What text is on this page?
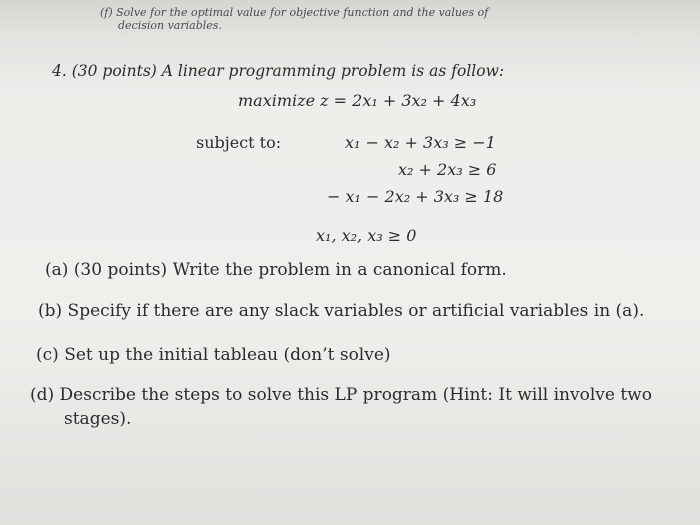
(f) Solve for the optimal value for objective function and the values of
decision variables.
4. (30 points) A linear programming problem is as follow:
maximize z = 2x₁ + 3x₂ + 4x₃
subject to:	x₁ − x₂ + 3x₃ ≥ −1
x₂ + 2x₃ ≥ 6
− x₁ − 2x₂ + 3x₃ ≥ 18
x₁, x₂, x₃ ≥ 0
(a) (30 points) Write the problem in a canonical form.
(b) Specify if there are any slack variables or artificial variables in (a).
(c) Set up the initial tableau (don’t solve)
(d) Describe the steps to solve this LP program (Hint: It will involve two
stages).
